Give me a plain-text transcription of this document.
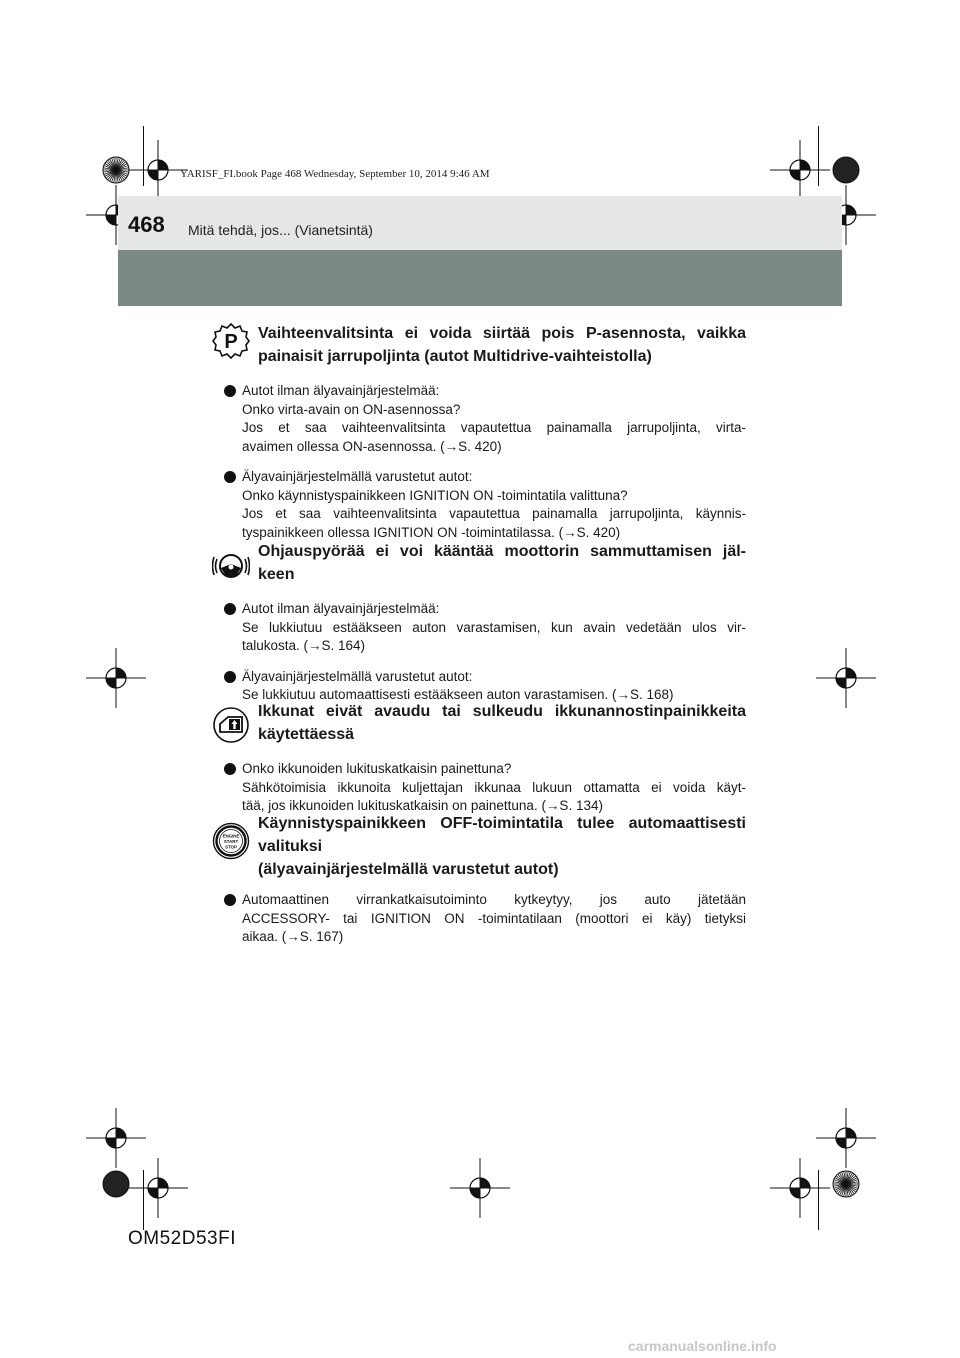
YARISF_FI.book Page 468 Wednesday, September 10, 2014 9:46 AM
468 Mitä tehdä, jos... (Vianetsintä)
P Vaihteenvalitsinta ei voida siirtää pois P-asennosta, vaikka
painaisit jarrupoljinta (autot Multidrive-vaihteistolla)
Autot ilman älyavainjärjestelmää:
Onko virta-avain on ON-asennossa?
Jos et saa vaihteenvalitsinta vapautettua painamalla jarrupoljinta, virta-
avaimen ollessa ON-asennossa. (→S. 420)
Älyavainjärjestelmällä varustetut autot:
Onko käynnistyspainikkeen IGNITION ON -toimintatila valittuna?
Jos et saa vaihteenvalitsinta vapautettua painamalla jarrupoljinta, käynnis-
tyspainikkeen ollessa IGNITION ON -toimintatilassa. (→S. 420)
Ohjauspyörää ei voi kääntää moottorin sammuttamisen jäl-
keen
Autot ilman älyavainjärjestelmää:
Se lukkiutuu estääkseen auton varastamisen, kun avain vedetään ulos vir-
talukosta. (→S. 164)
Älyavainjärjestelmällä varustetut autot:
Se lukkiutuu automaattisesti estääkseen auton varastamisen. (→S. 168)
Ikkunat eivät avaudu tai sulkeudu ikkunannostinpainikkeita
käytettäessä
Onko ikkunoiden lukituskatkaisin painettuna?
Sähkötoimisia ikkunoita kuljettajan ikkunaa lukuun ottamatta ei voida käyt-
tää, jos ikkunoiden lukituskatkaisin on painettuna. (→S. 134)
ENGINE
START
STOP
Käynnistyspainikkeen OFF-toimintatila tulee automaattisesti
valituksi
(älyavainjärjestelmällä varustetut autot)
Automaattinen virrankatkaisutoiminto kytkeytyy, jos auto jätetään
ACCESSORY- tai IGNITION ON -toimintatilaan (moottori ei käy) tietyksi
aikaa. (→S. 167)
OM52D53FI
carmanualsonline.info
